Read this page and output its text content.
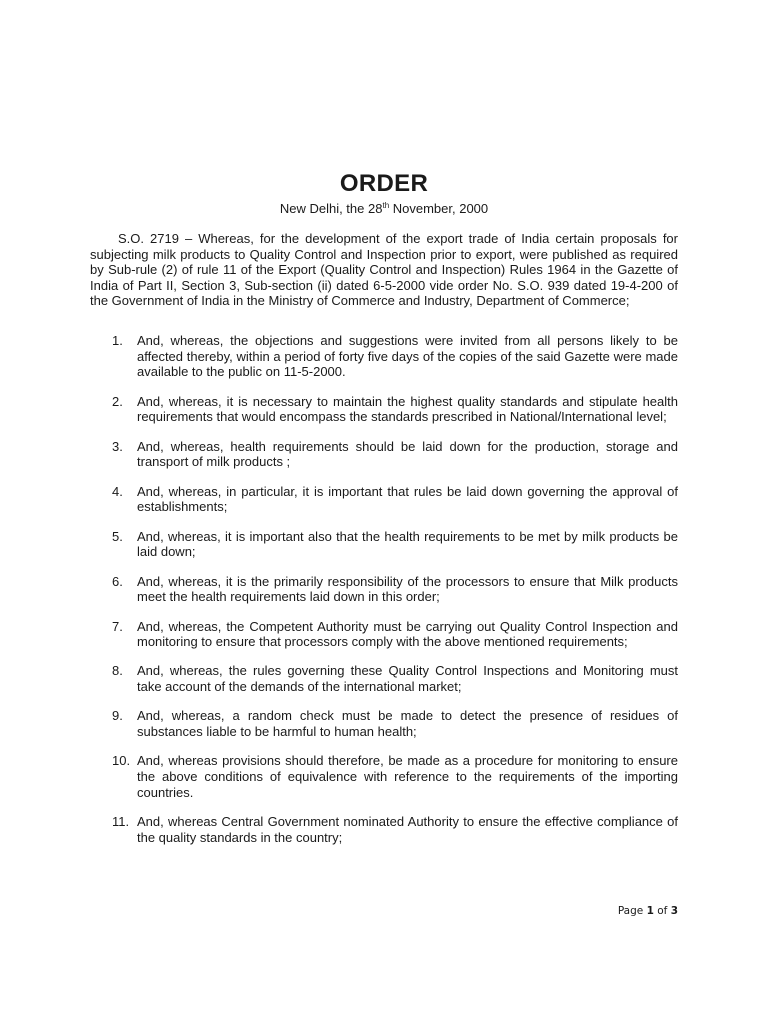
ORDER
New Delhi, the 28th November, 2000

S.O. 2719 – Whereas, for the development of the export trade of India certain proposals for subjecting milk products to Quality Control and Inspection prior to export, were published as required by Sub-rule (2) of rule 11 of the Export (Quality Control and Inspection) Rules 1964 in the Gazette of India of Part II, Section 3, Sub-section (ii) dated 6-5-2000 vide order No. S.O. 939 dated 19-4-200 of the Government of India in the Ministry of Commerce and Industry, Department of Commerce;

1. And, whereas, the objections and suggestions were invited from all persons likely to be affected thereby, within a period of forty five days of the copies of the said Gazette were made available to the public on 11-5-2000.
2. And, whereas, it is necessary to maintain the highest quality standards and stipulate health requirements that would encompass the standards prescribed in National/International level;
3. And, whereas, health requirements should be laid down for the production, storage and transport of milk products ;
4. And, whereas, in particular, it is important that rules be laid down governing the approval of establishments;
5. And, whereas, it is important also that the health requirements to be met by milk products be laid down;
6. And, whereas, it is the primarily responsibility of the processors to ensure that Milk products meet the health requirements laid down in this order;
7. And, whereas, the Competent Authority must be carrying out Quality Control Inspection and monitoring to ensure that processors comply with the above mentioned requirements;
8. And, whereas, the rules governing these Quality Control Inspections and Monitoring must take account of the demands of the international market;
9. And, whereas, a random check must be made to detect the presence of residues of substances liable to be harmful to human health;
10. And, whereas provisions should therefore, be made as a procedure for monitoring to ensure the above conditions of equivalence with reference to the requirements of the importing countries.
11. And, whereas Central Government nominated Authority to ensure the effective compliance of the quality standards in the country;
Page 1 of 3
